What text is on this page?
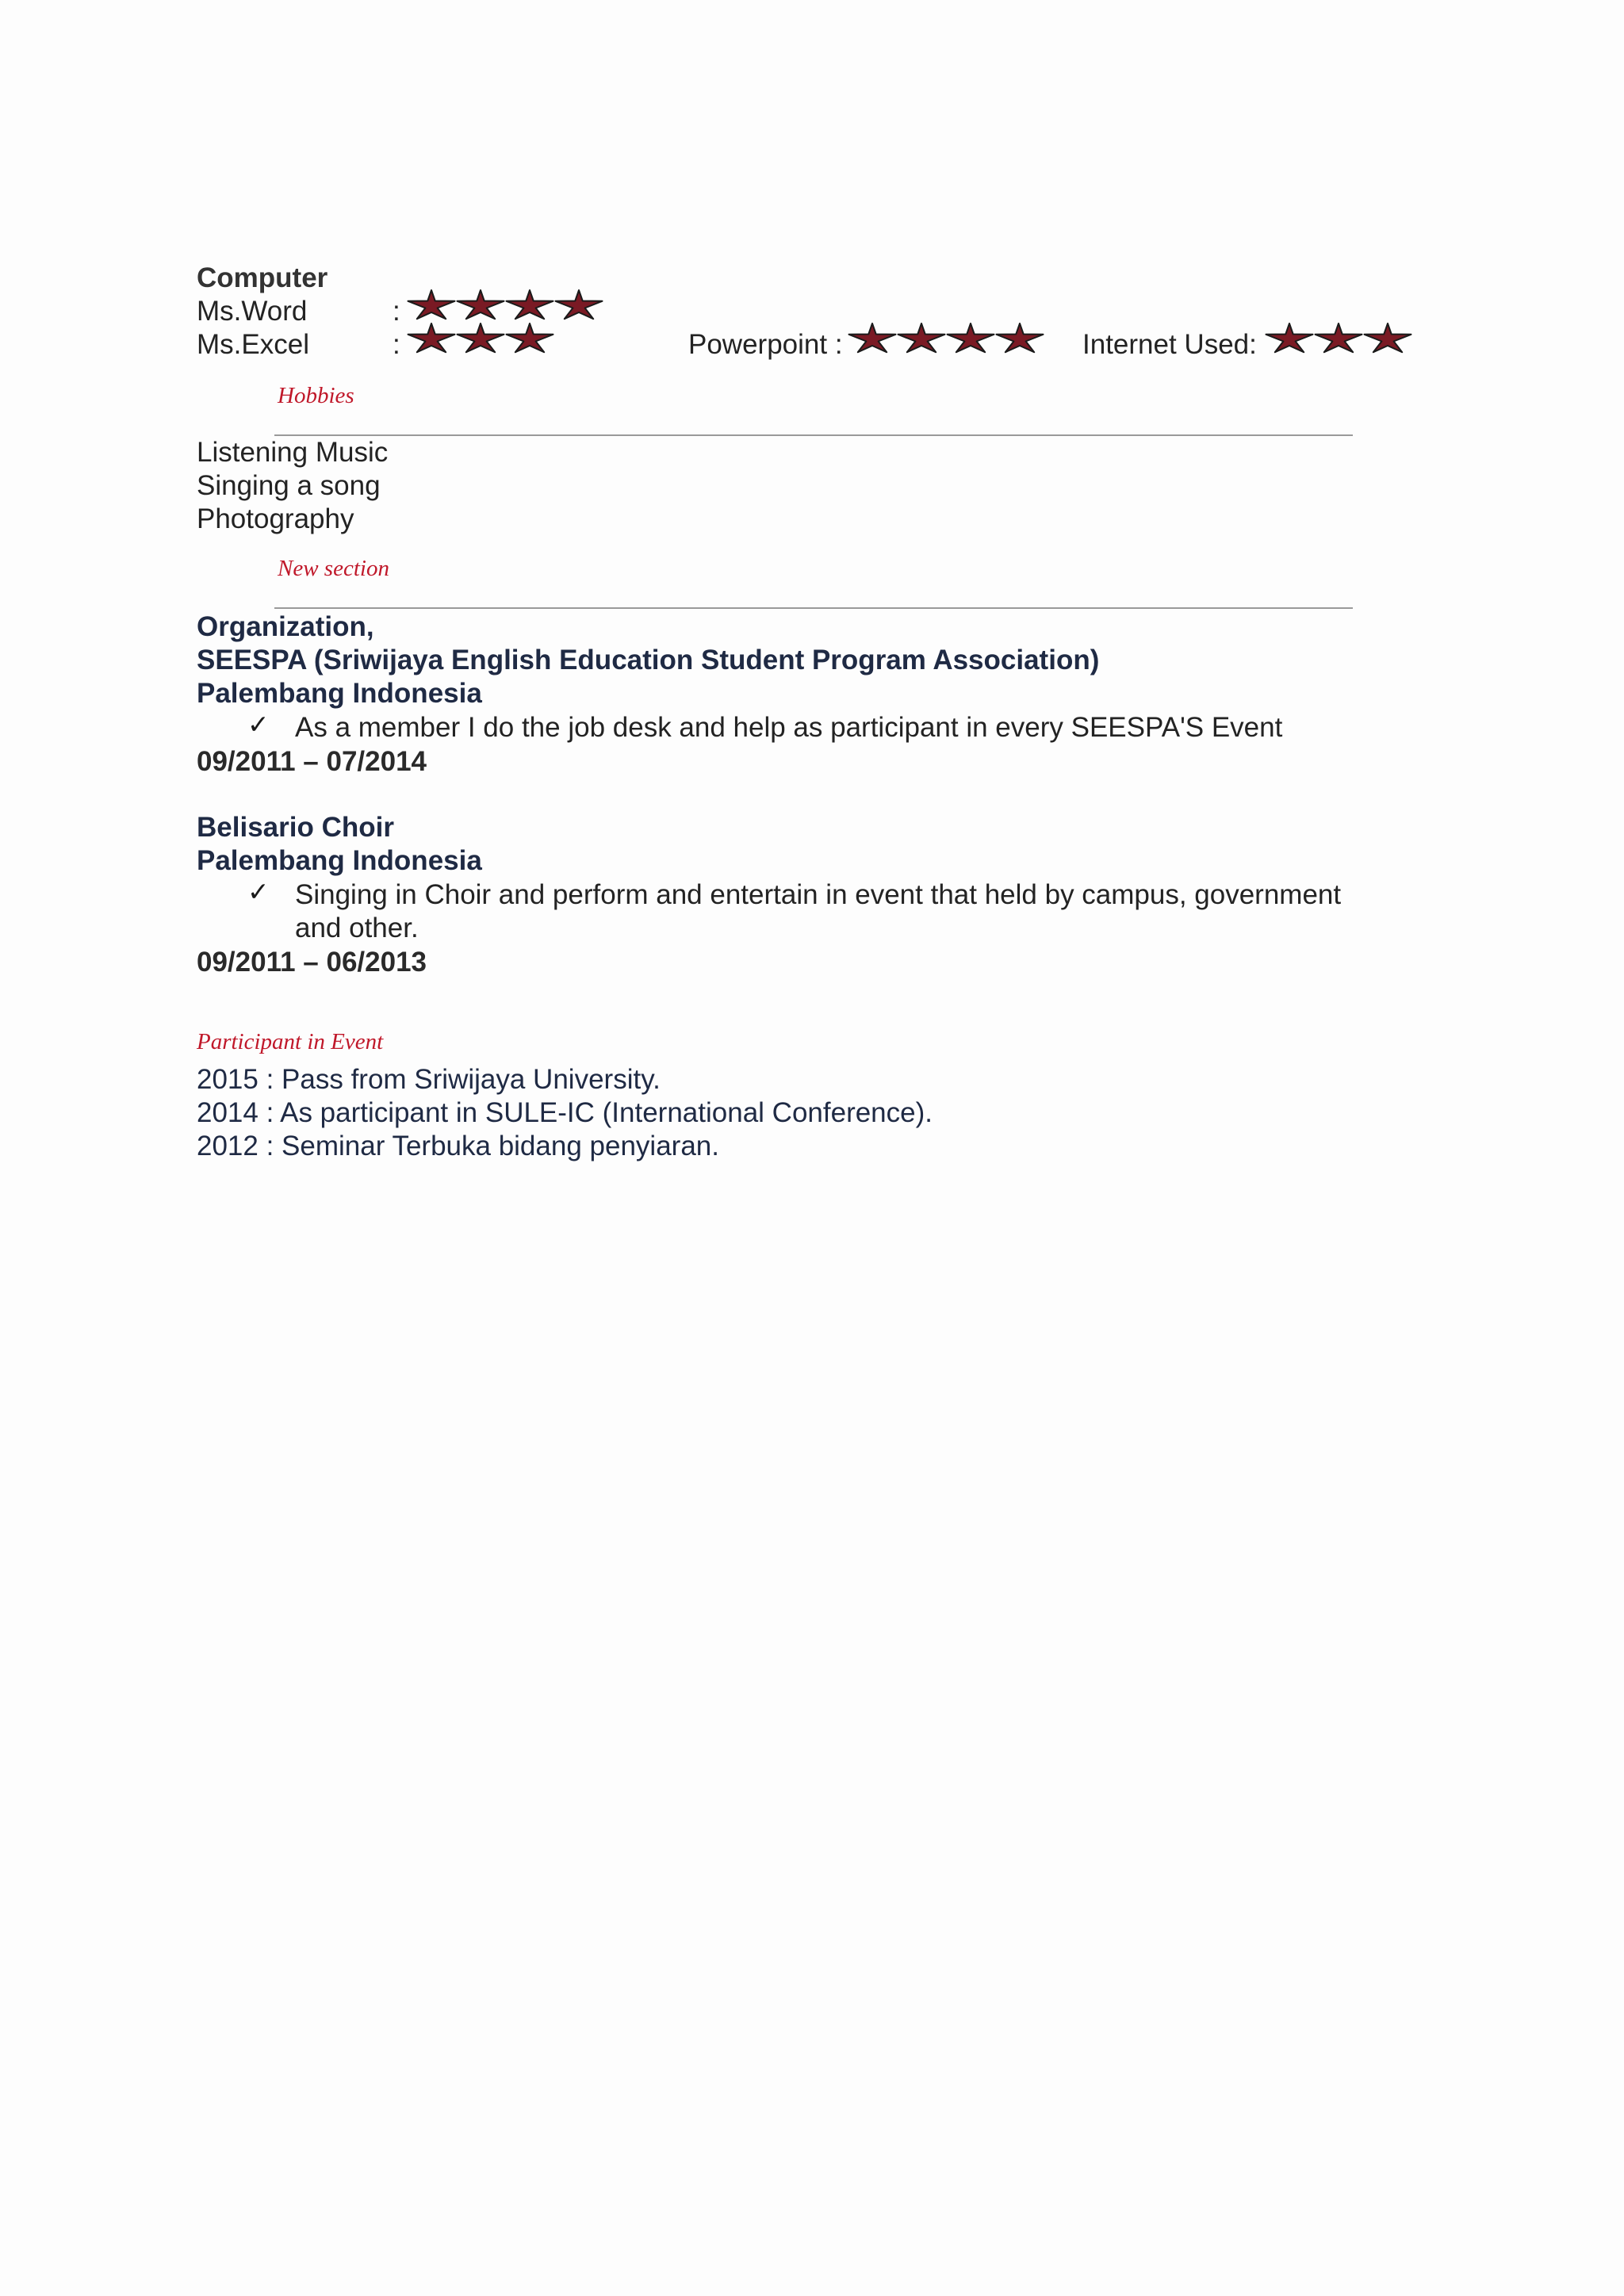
Computer
Ms.Word	:
Ms.Excel	:	Powerpoint :	Internet Used:
Hobbies
Listening Music
Singing a song
Photography
New section
Organization,
SEESPA (Sriwijaya English Education Student Program Association)
Palembang Indonesia
✓ As a member I do the job desk and help as participant in every SEESPA'S Event
09/2011 – 07/2014
Belisario Choir
Palembang Indonesia
✓ Singing in Choir and perform and entertain in event that held by campus, government
and other.
09/2011 – 06/2013
Participant in Event
2015 : Pass from Sriwijaya University.
2014 : As participant in SULE-IC (International Conference).
2012 : Seminar Terbuka bidang penyiaran.
